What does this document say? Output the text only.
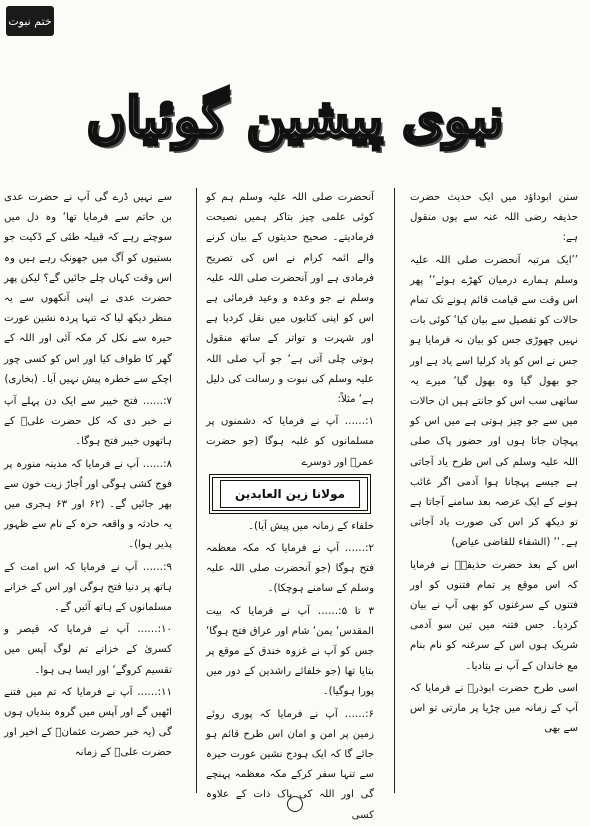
ختم نبوت
نبوی پیشین گوئیاں

سنن ابوداؤد میں ایک حدیث حضرت حذیفہ رضی اللہ عنہ سے یوں منقول ہے:

’’ایک مرتبہ آنحضرت صلی اللہ علیہ وسلم ہمارے درمیان کھڑے ہوئے‘‘ پھر اس وقت سے قیامت قائم ہونے تک تمام حالات کو تفصیل سے بیان کیا‘ کوئی بات نہیں چھوڑی جس کو بیان نہ فرمایا ہو جس نے اس کو یاد کرلیا اسے یاد ہے اور جو بھول گیا وہ بھول گیا‘ میرے یہ ساتھی سب اس کو جانتے ہیں ان حالات میں سے جو چیز ہوتی ہے میں اس کو پہچان جاتا ہوں اور حضور پاک صلی اللہ علیہ وسلم کی اس طرح یاد آجاتی ہے جیسے پہچانا ہوا آدمی اگر غائب ہونے کے ایک عرصہ بعد سامنے آجاتا ہے تو دیکھ کر اس کی صورت یاد آجاتی ہے۔‘‘ (الشفاء للقاضی عیاض)

اس کے بعد حضرت حذیفہؓ نے فرمایا کہ اس موقع پر تمام فتنوں کو اور فتنوں کے سرغنوں کو بھی آپ نے بیان کردیا۔ جس فتنہ میں تین سو آدمی شریک ہوں اس کے سرغنہ کو نام بنام مع خاندان کے آپ نے بتادیا۔

اسی طرح حضرت ابوذرؓ نے فرمایا کہ آپ کے زمانہ میں چڑیا پر مارتی تو اس سے بھی

آنحضرت صلی اللہ علیہ وسلم ہم کو کوئی علمی چیز بتاکر ہمیں نصیحت فرمادیتے۔ صحیح حدیثوں کے بیان کرنے والے ائمہ کرام نے اس کی تصریح فرمادی ہے اور آنحضرت صلی اللہ علیہ وسلم نے جو وعدہ و وعید فرمائی ہے اس کو اپنی کتابوں میں نقل کردیا ہے اور شہرت و تواتر کے ساتھ منقول ہوتی چلی آتی ہے‘ جو آپ صلی اللہ علیہ وسلم کی نبوت و رسالت کی دلیل ہے‘ مثلاً:

۱:…… آپ نے فرمایا کہ دشمنوں پر مسلمانوں کو غلبہ ہوگا (جو حضرت عمرؓ اور دوسرے

مولانا زین العابدین

خلفاء کے زمانہ میں پیش آیا)۔

۲:…… آپ نے فرمایا کہ مکہ معظمہ فتح ہوگا (جو آنحضرت صلی اللہ علیہ وسلم کے سامنے ہوچکا)۔

۳ تا ۵:…… آپ نے فرمایا کہ بیت المقدس‘ یمن‘ شام اور عراق فتح ہوگا‘ جس کو آپ نے غزوہ خندق کے موقع پر بتایا تھا (جو خلفائے راشدین کے دور میں پورا ہوگیا)۔

۶:…… آپ نے فرمایا کہ پوری روئے زمین پر امن و امان اس طرح قائم ہو جائے گا کہ ایک ہودج نشین عورت حیرہ سے تنہا سفر کرکے مکہ معظمہ پہنچے گی اور اللہ کی پاک ذات کے علاوہ کسی

سے نہیں ڈرے گی آپ نے حضرت عدی بن حاتم سے فرمایا تھا‘ وہ دل میں سوچتے رہے کہ قبیلہ طئی کے ڈکیت جو بستیوں کو آگ میں جھونک رہے ہیں وہ اس وقت کہاں چلے جائیں گے؟ لیکن پھر حضرت عدی نے اپنی آنکھوں سے یہ منظر دیکھ لیا کہ تنہا پردہ نشین عورت حیرہ سے نکل کر مکہ آئی اور اللہ کے گھر کا طواف کیا اور اس کو کسی چور اچکے سے خطرہ پیش نہیں آیا۔ (بخاری)

۷:…… فتح خیبر سے ایک دن پہلے آپ نے خبر دی کہ کل حضرت علیؓ کے ہاتھوں خیبر فتح ہوگا۔

۸:…… آپ نے فرمایا کہ مدینہ منورہ پر فوج کشی ہوگی اور اُجاڑ زیت خون سے بھر جائیں گے۔ (۶۲ اور ۶۳ ہجری میں یہ حادثہ و واقعہ حرہ کے نام سے ظہور پذیر ہوا)۔

۹:…… آپ نے فرمایا کہ اس امت کے ہاتھ پر دنیا فتح ہوگی اور اس کے خزانے مسلمانوں کے ہاتھ آئیں گے۔

۱۰:…… آپ نے فرمایا کہ قیصر و کسریٰ کے خزانے تم لوگ آپس میں تقسیم کروگے‘ اور ایسا ہی ہوا۔

۱۱:…… آپ نے فرمایا کہ تم میں فتنے اٹھیں گے اور آپس میں گروہ بندیاں ہوں گی (یہ خبر حضرت عثمانؓ کے اخیر اور حضرت علیؓ کے زمانہ
